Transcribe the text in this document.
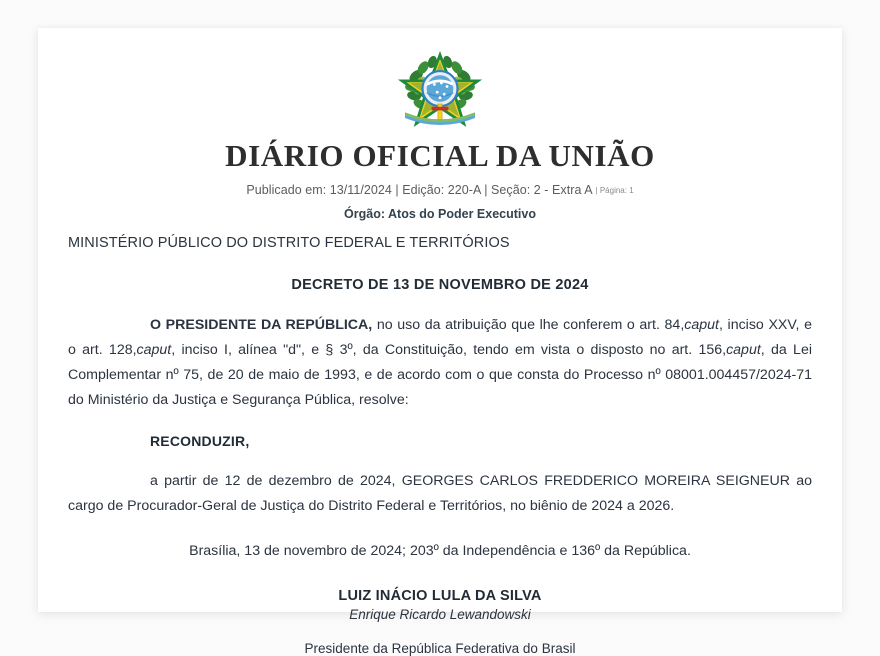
DIÁRIO OFICIAL DA UNIÃO
Publicado em: 13/11/2024 | Edição: 220-A | Seção: 2 - Extra A | Página: 1
Órgão: Atos do Poder Executivo
MINISTÉRIO PÚBLICO DO DISTRITO FEDERAL E TERRITÓRIOS
DECRETO DE 13 DE NOVEMBRO DE 2024

O PRESIDENTE DA REPÚBLICA, no uso da atribuição que lhe conferem o art. 84,caput, inciso XXV, e o art. 128,caput, inciso I, alínea "d", e § 3º, da Constituição, tendo em vista o disposto no art. 156,caput, da Lei Complementar nº 75, de 20 de maio de 1993, e de acordo com o que consta do Processo nº 08001.004457/2024-71 do Ministério da Justiça e Segurança Pública, resolve:

RECONDUZIR,

a partir de 12 de dezembro de 2024, GEORGES CARLOS FREDDERICO MOREIRA SEIGNEUR ao cargo de Procurador-Geral de Justiça do Distrito Federal e Territórios, no biênio de 2024 a 2026.

Brasília, 13 de novembro de 2024; 203º da Independência e 136º da República.

LUIZ INÁCIO LULA DA SILVA
Enrique Ricardo Lewandowski
Presidente da República Federativa do Brasil
